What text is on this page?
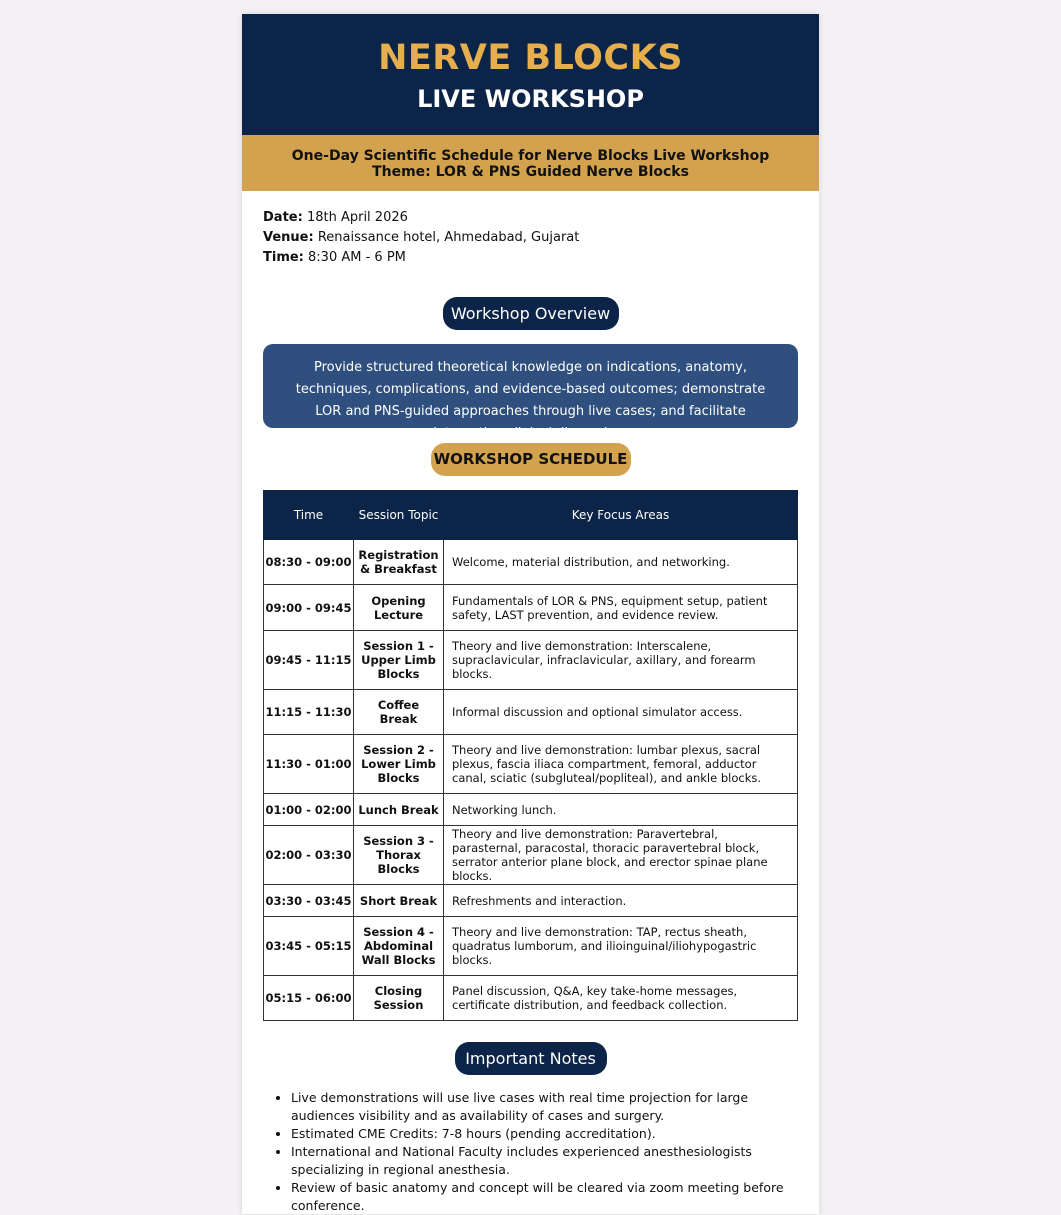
NERVE BLOCKS
LIVE WORKSHOP
One-Day Scientific Schedule for Nerve Blocks Live Workshop
Theme: LOR & PNS Guided Nerve Blocks
Date: 18th April 2026
Venue: Renaissance hotel, Ahmedabad, Gujarat
Time: 8:30 AM - 6 PM
Workshop Overview
Provide structured theoretical knowledge on indications, anatomy, techniques, complications, and evidence-based outcomes; demonstrate LOR and PNS-guided approaches through live cases; and facilitate interactive clinical discussion.
WORKSHOP SCHEDULE
Time	Session Topic	Key Focus Areas
08:30 - 09:00	Registration & Breakfast	Welcome, material distribution, and networking.
09:00 - 09:45	Opening Lecture	Fundamentals of LOR & PNS, equipment setup, patient safety, LAST prevention, and evidence review.
09:45 - 11:15	Session 1 - Upper Limb Blocks	Theory and live demonstration: Interscalene, supraclavicular, infraclavicular, axillary, and forearm blocks.
11:15 - 11:30	Coffee Break	Informal discussion and optional simulator access.
11:30 - 01:00	Session 2 - Lower Limb Blocks	Theory and live demonstration: lumbar plexus, sacral plexus, fascia iliaca compartment, femoral, adductor canal, sciatic (subgluteal/popliteal), and ankle blocks.
01:00 - 02:00	Lunch Break	Networking lunch.
02:00 - 03:30	Session 3 - Thorax Blocks	Theory and live demonstration: Paravertebral, parasternal, paracostal, thoracic paravertebral block, serrator anterior plane block, and erector spinae plane blocks.
03:30 - 03:45	Short Break	Refreshments and interaction.
03:45 - 05:15	Session 4 - Abdominal Wall Blocks	Theory and live demonstration: TAP, rectus sheath, quadratus lumborum, and ilioinguinal/iliohypogastric blocks.
05:15 - 06:00	Closing Session	Panel discussion, Q&A, key take-home messages, certificate distribution, and feedback collection.
Important Notes
• Live demonstrations will use live cases with real time projection for large audiences visibility and as availability of cases and surgery.
• Estimated CME Credits: 7-8 hours (pending accreditation).
• International and National Faculty includes experienced anesthesiologists specializing in regional anesthesia.
• Review of basic anatomy and concept will be cleared via zoom meeting before conference.
